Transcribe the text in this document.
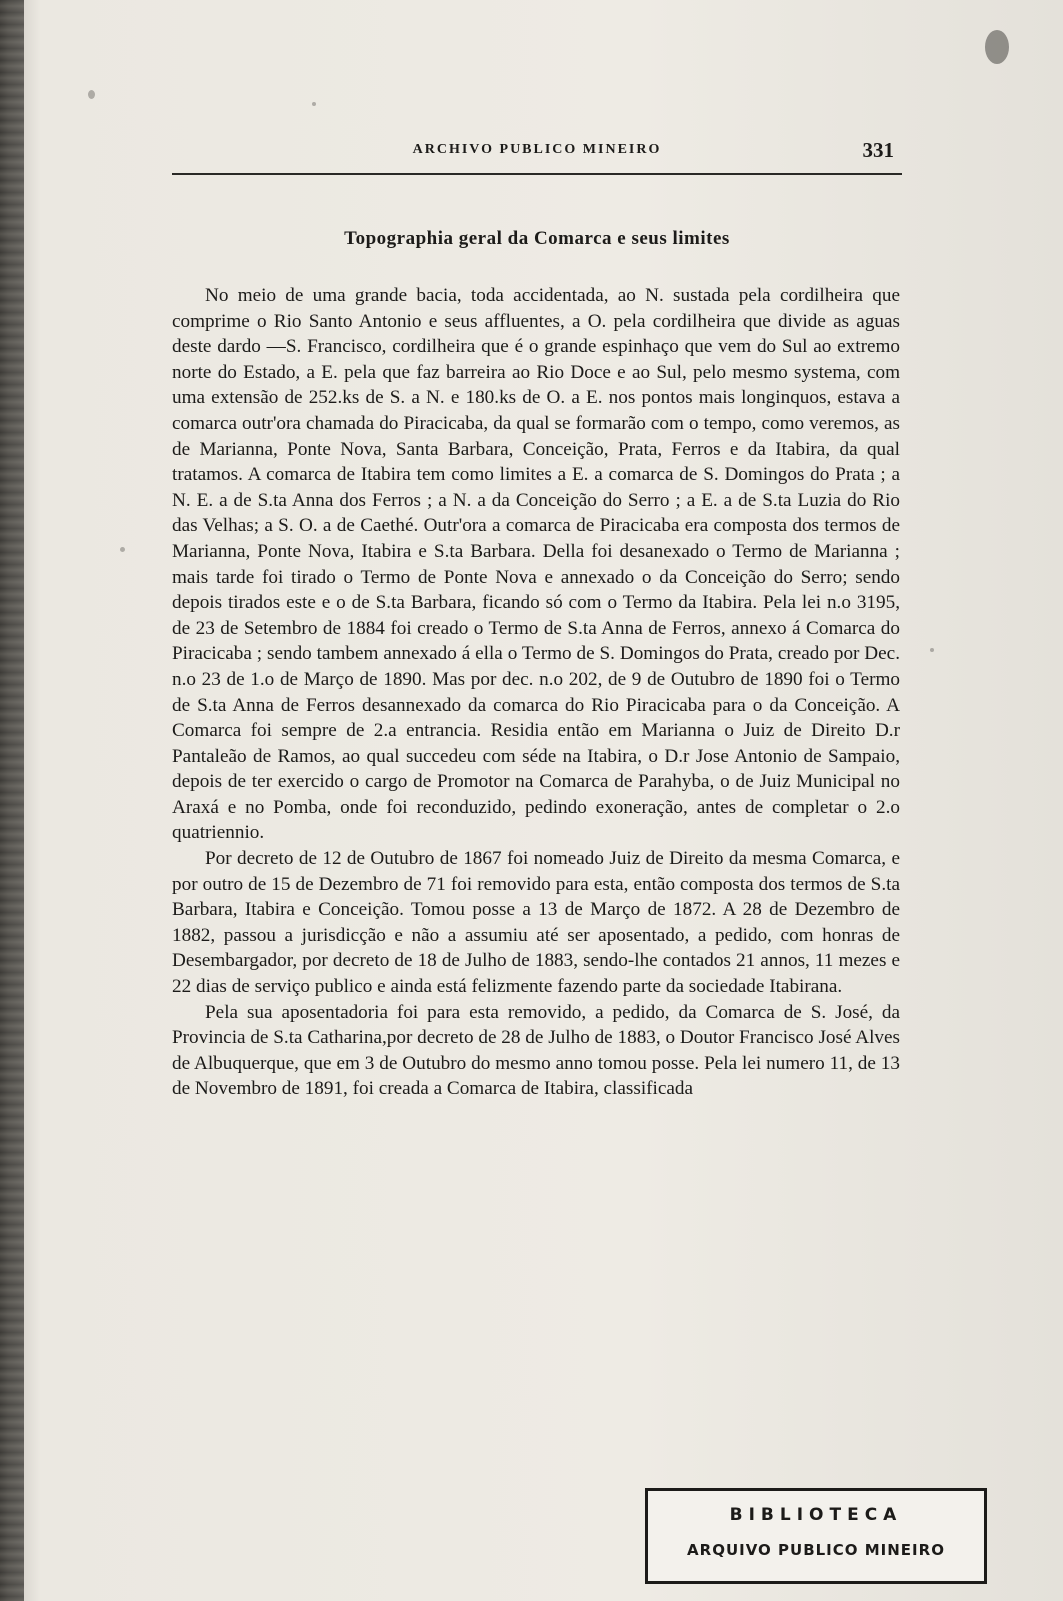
ARCHIVO PUBLICO MINEIRO	331
Topographia geral da Comarca e seus limites

No meio de uma grande bacia, toda accidentada, ao N. sustada pela cordilheira que comprime o Rio Santo Antonio e seus affluentes, a O. pela cordilheira que divide as aguas deste dardo —S. Francisco, cordilheira que é o grande espinhaço que vem do Sul ao extremo norte do Estado, a E. pela que faz barreira ao Rio Doce e ao Sul, pelo mesmo systema, com uma extensão de 252.ks de S. a N. e 180.ks de O. a E. nos pontos mais longinquos, estava a comarca outr'ora chamada do Piracicaba, da qual se formarão com o tempo, como veremos, as de Marianna, Ponte Nova, Santa Barbara, Conceição, Prata, Ferros e da Itabira, da qual tratamos. A comarca de Itabira tem como limites a E. a comarca de S. Domingos do Prata ; a N. E. a de S.ta Anna dos Ferros ; a N. a da Conceição do Serro ; a E. a de S.ta Luzia do Rio das Velhas; a S. O. a de Caethé. Outr'ora a comarca de Piracicaba era composta dos termos de Marianna, Ponte Nova, Itabira e S.ta Barbara. Della foi desanexado o Termo de Marianna ; mais tarde foi tirado o Termo de Ponte Nova e annexado o da Conceição do Serro; sendo depois tirados este e o de S.ta Barbara, ficando só com o Termo da Itabira. Pela lei n.o 3195, de 23 de Setembro de 1884 foi creado o Termo de S.ta Anna de Ferros, annexo á Comarca do Piracicaba ; sendo tambem annexado á ella o Termo de S. Domingos do Prata, creado por Dec. n.o 23 de 1.o de Março de 1890. Mas por dec. n.o 202, de 9 de Outubro de 1890 foi o Termo de S.ta Anna de Ferros desannexado da comarca do Rio Piracicaba para o da Conceição. A Comarca foi sempre de 2.a entrancia. Residia então em Marianna o Juiz de Direito D.r Pantaleão de Ramos, ao qual succedeu com séde na Itabira, o D.r Jose Antonio de Sampaio, depois de ter exercido o cargo de Promotor na Comarca de Parahyba, o de Juiz Municipal no Araxá e no Pomba, onde foi reconduzido, pedindo exoneração, antes de completar o 2.o quatriennio.

Por decreto de 12 de Outubro de 1867 foi nomeado Juiz de Direito da mesma Comarca, e por outro de 15 de Dezembro de 71 foi removido para esta, então composta dos termos de S.ta Barbara, Itabira e Conceição. Tomou posse a 13 de Março de 1872. A 28 de Dezembro de 1882, passou a jurisdicção e não a assumiu até ser aposentado, a pedido, com honras de Desembargador, por decreto de 18 de Julho de 1883, sendo-lhe contados 21 annos, 11 mezes e 22 dias de serviço publico e ainda está felizmente fazendo parte da sociedade Itabirana.

Pela sua aposentadoria foi para esta removido, a pedido, da Comarca de S. José, da Provincia de S.ta Catharina,por decreto de 28 de Julho de 1883, o Doutor Francisco José Alves de Albuquerque, que em 3 de Outubro do mesmo anno tomou posse. Pela lei numero 11, de 13 de Novembro de 1891, foi creada a Comarca de Itabira, classificada

BIBLIOTECA
ARQUIVO PUBLICO MINEIRO
